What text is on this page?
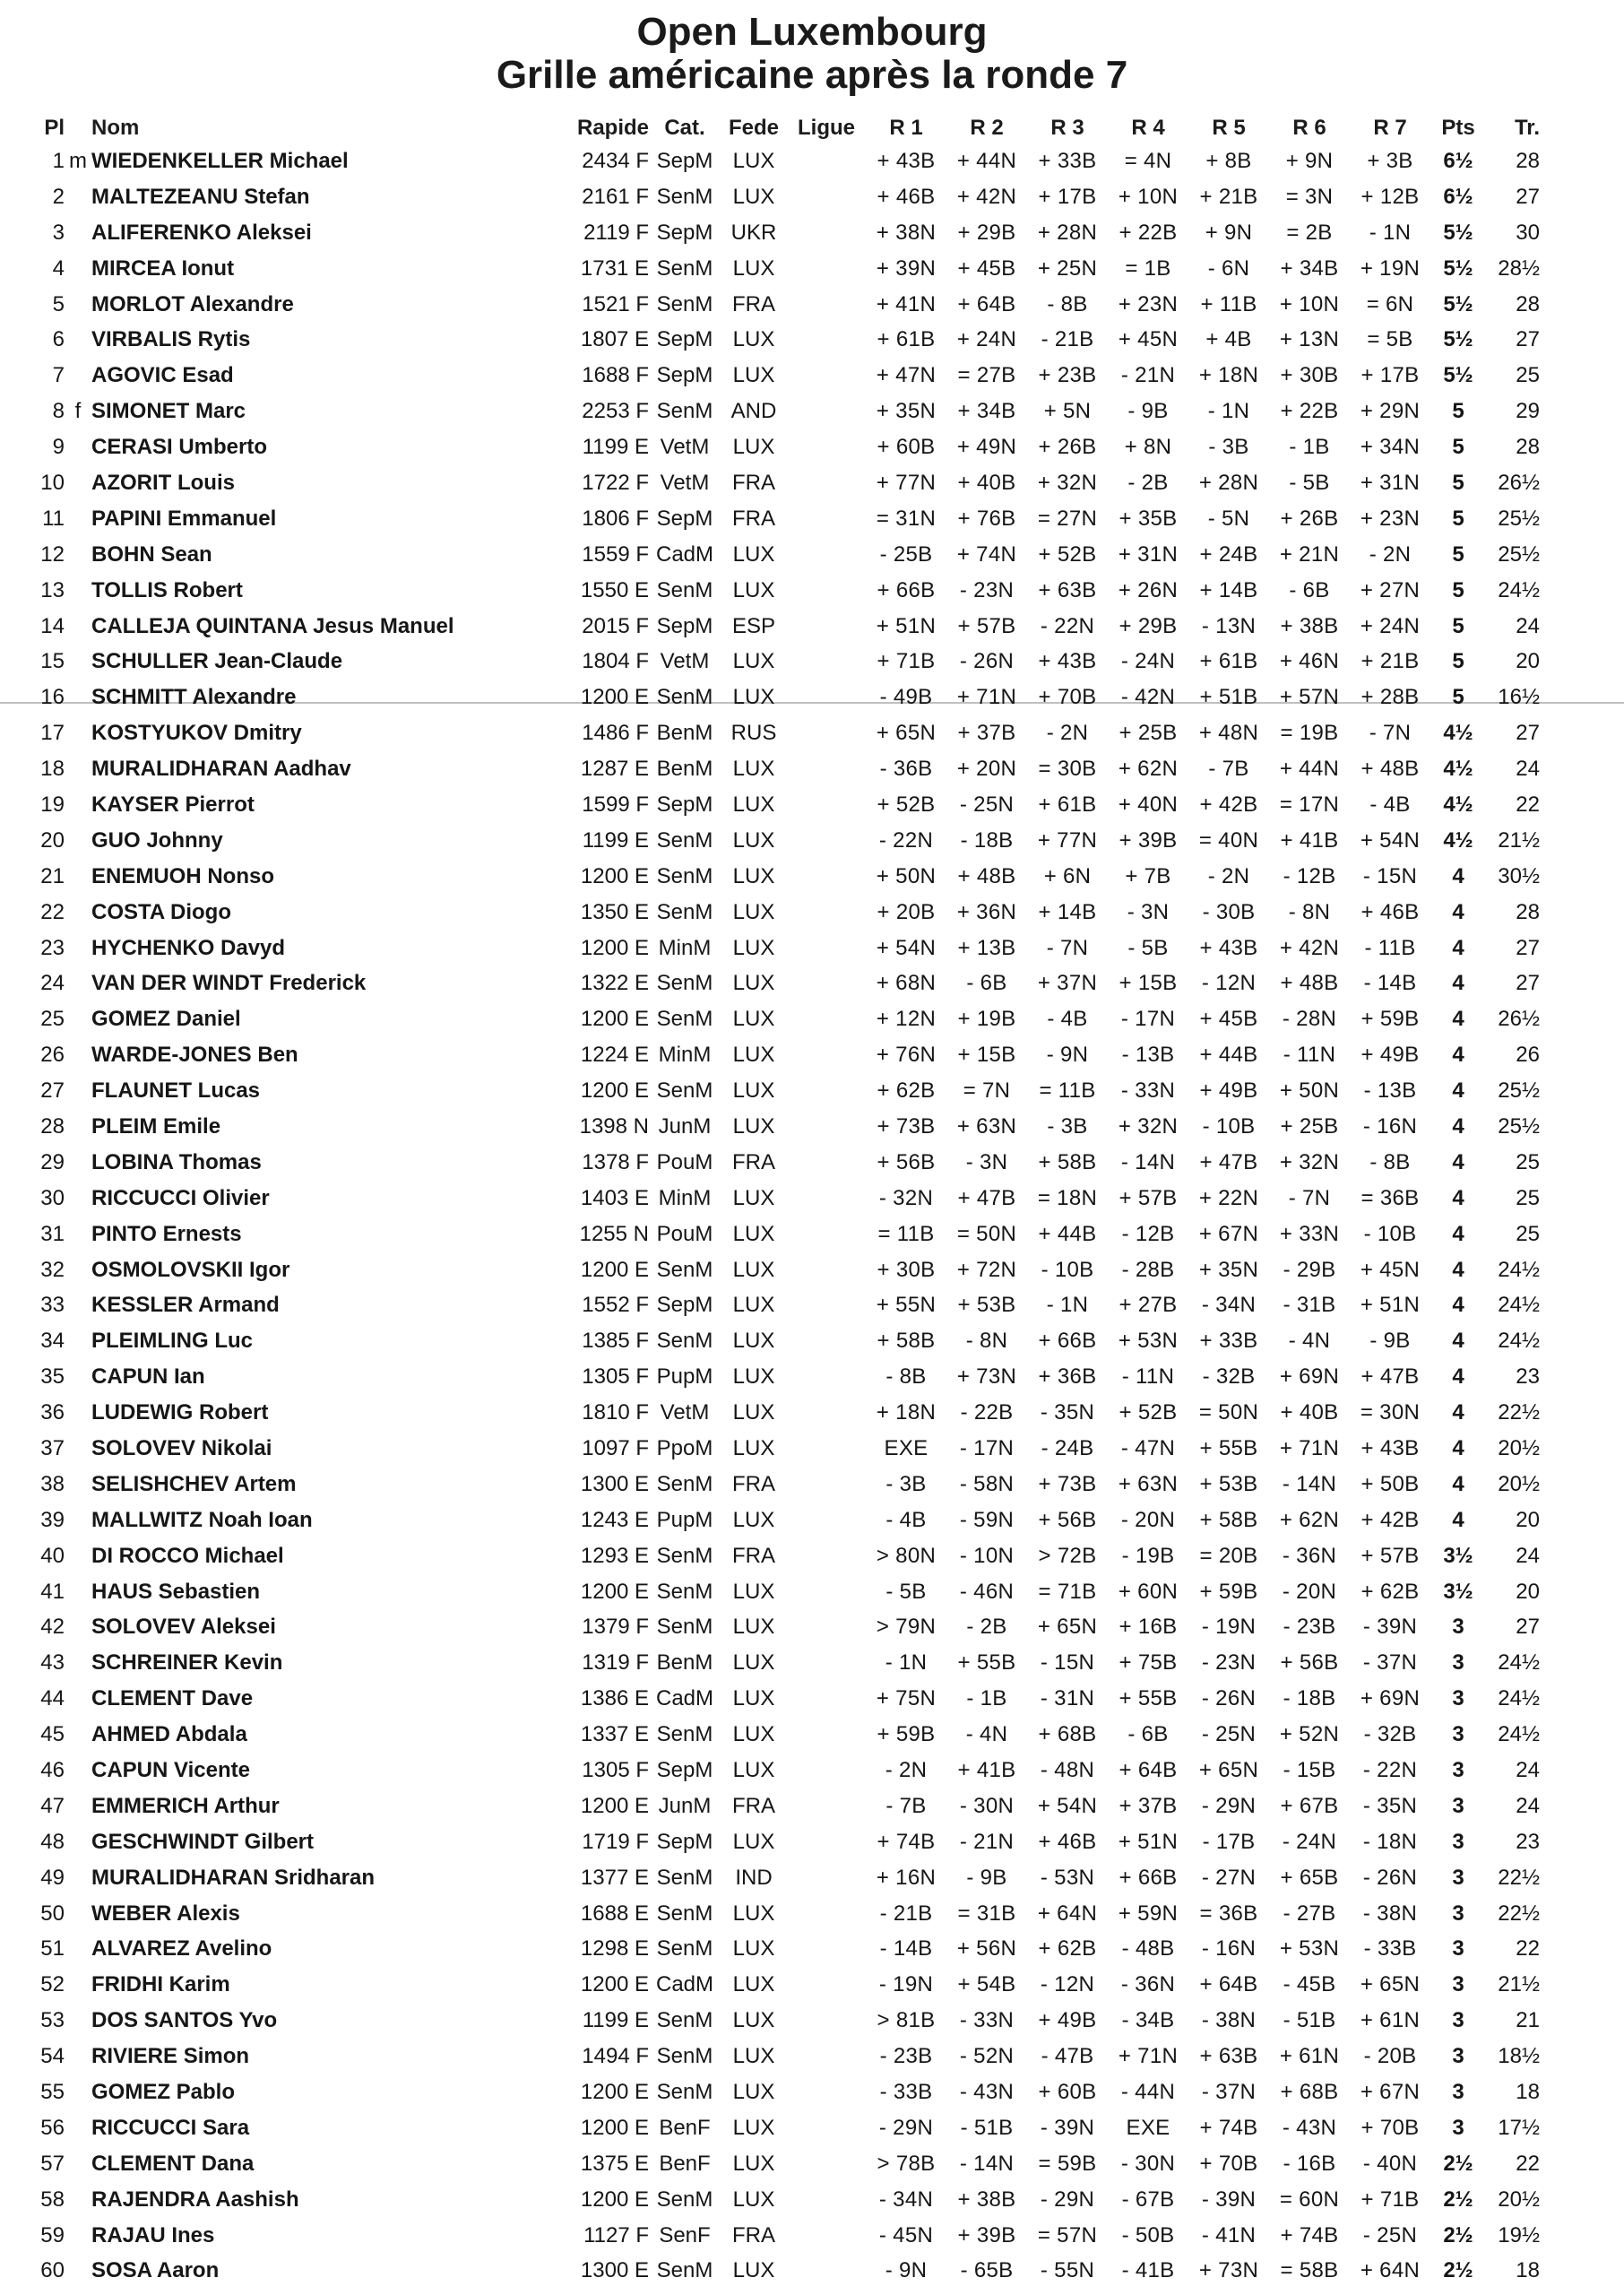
Open Luxembourg
Grille américaine après la ronde 7
Pl		Nom	Rapide	Cat.	Fede	Ligue	R 1	R 2	R 3	R 4	R 5	R 6	R 7	Pts	Tr.
1	m	WIEDENKELLER Michael	2434 F	SepM	LUX		+ 43B	+ 44N	+ 33B	= 4N	+ 8B	+ 9N	+ 3B	6½	28
2		MALTEZEANU Stefan	2161 F	SenM	LUX		+ 46B	+ 42N	+ 17B	+ 10N	+ 21B	= 3N	+ 12B	6½	27
3		ALIFERENKO Aleksei	2119 F	SepM	UKR		+ 38N	+ 29B	+ 28N	+ 22B	+ 9N	= 2B	- 1N	5½	30
4		MIRCEA Ionut	1731 E	SenM	LUX		+ 39N	+ 45B	+ 25N	= 1B	- 6N	+ 34B	+ 19N	5½	28½
5		MORLOT Alexandre	1521 F	SenM	FRA		+ 41N	+ 64B	- 8B	+ 23N	+ 11B	+ 10N	= 6N	5½	28
6		VIRBALIS Rytis	1807 E	SepM	LUX		+ 61B	+ 24N	- 21B	+ 45N	+ 4B	+ 13N	= 5B	5½	27
7		AGOVIC Esad	1688 F	SepM	LUX		+ 47N	= 27B	+ 23B	- 21N	+ 18N	+ 30B	+ 17B	5½	25
8	f	SIMONET Marc	2253 F	SenM	AND		+ 35N	+ 34B	+ 5N	- 9B	- 1N	+ 22B	+ 29N	5	29
9		CERASI Umberto	1199 E	VetM	LUX		+ 60B	+ 49N	+ 26B	+ 8N	- 3B	- 1B	+ 34N	5	28
10		AZORIT Louis	1722 F	VetM	FRA		+ 77N	+ 40B	+ 32N	- 2B	+ 28N	- 5B	+ 31N	5	26½
11		PAPINI Emmanuel	1806 F	SepM	FRA		= 31N	+ 76B	= 27N	+ 35B	- 5N	+ 26B	+ 23N	5	25½
12		BOHN Sean	1559 F	CadM	LUX		- 25B	+ 74N	+ 52B	+ 31N	+ 24B	+ 21N	- 2N	5	25½
13		TOLLIS Robert	1550 E	SenM	LUX		+ 66B	- 23N	+ 63B	+ 26N	+ 14B	- 6B	+ 27N	5	24½
14		CALLEJA QUINTANA Jesus Manuel	2015 F	SepM	ESP		+ 51N	+ 57B	- 22N	+ 29B	- 13N	+ 38B	+ 24N	5	24
15		SCHULLER Jean-Claude	1804 F	VetM	LUX		+ 71B	- 26N	+ 43B	- 24N	+ 61B	+ 46N	+ 21B	5	20
16		SCHMITT Alexandre	1200 E	SenM	LUX		- 49B	+ 71N	+ 70B	- 42N	+ 51B	+ 57N	+ 28B	5	16½
17		KOSTYUKOV Dmitry	1486 F	BenM	RUS		+ 65N	+ 37B	- 2N	+ 25B	+ 48N	= 19B	- 7N	4½	27
18		MURALIDHARAN Aadhav	1287 E	BenM	LUX		- 36B	+ 20N	= 30B	+ 62N	- 7B	+ 44N	+ 48B	4½	24
19		KAYSER Pierrot	1599 F	SepM	LUX		+ 52B	- 25N	+ 61B	+ 40N	+ 42B	= 17N	- 4B	4½	22
20		GUO Johnny	1199 E	SenM	LUX		- 22N	- 18B	+ 77N	+ 39B	= 40N	+ 41B	+ 54N	4½	21½
21		ENEMUOH Nonso	1200 E	SenM	LUX		+ 50N	+ 48B	+ 6N	+ 7B	- 2N	- 12B	- 15N	4	30½
22		COSTA Diogo	1350 E	SenM	LUX		+ 20B	+ 36N	+ 14B	- 3N	- 30B	- 8N	+ 46B	4	28
23		HYCHENKO Davyd	1200 E	MinM	LUX		+ 54N	+ 13B	- 7N	- 5B	+ 43B	+ 42N	- 11B	4	27
24		VAN DER WINDT Frederick	1322 E	SenM	LUX		+ 68N	- 6B	+ 37N	+ 15B	- 12N	+ 48B	- 14B	4	27
25		GOMEZ Daniel	1200 E	SenM	LUX		+ 12N	+ 19B	- 4B	- 17N	+ 45B	- 28N	+ 59B	4	26½
26		WARDE-JONES Ben	1224 E	MinM	LUX		+ 76N	+ 15B	- 9N	- 13B	+ 44B	- 11N	+ 49B	4	26
27		FLAUNET Lucas	1200 E	SenM	LUX		+ 62B	= 7N	= 11B	- 33N	+ 49B	+ 50N	- 13B	4	25½
28		PLEIM Emile	1398 N	JunM	LUX		+ 73B	+ 63N	- 3B	+ 32N	- 10B	+ 25B	- 16N	4	25½
29		LOBINA Thomas	1378 F	PouM	FRA		+ 56B	- 3N	+ 58B	- 14N	+ 47B	+ 32N	- 8B	4	25
30		RICCUCCI Olivier	1403 E	MinM	LUX		- 32N	+ 47B	= 18N	+ 57B	+ 22N	- 7N	= 36B	4	25
31		PINTO Ernests	1255 N	PouM	LUX		= 11B	= 50N	+ 44B	- 12B	+ 67N	+ 33N	- 10B	4	25
32		OSMOLOVSKII Igor	1200 E	SenM	LUX		+ 30B	+ 72N	- 10B	- 28B	+ 35N	- 29B	+ 45N	4	24½
33		KESSLER Armand	1552 F	SepM	LUX		+ 55N	+ 53B	- 1N	+ 27B	- 34N	- 31B	+ 51N	4	24½
34		PLEIMLING Luc	1385 F	SenM	LUX		+ 58B	- 8N	+ 66B	+ 53N	+ 33B	- 4N	- 9B	4	24½
35		CAPUN Ian	1305 F	PupM	LUX		- 8B	+ 73N	+ 36B	- 11N	- 32B	+ 69N	+ 47B	4	23
36		LUDEWIG Robert	1810 F	VetM	LUX		+ 18N	- 22B	- 35N	+ 52B	= 50N	+ 40B	= 30N	4	22½
37		SOLOVEV Nikolai	1097 F	PpoM	LUX		EXE	- 17N	- 24B	- 47N	+ 55B	+ 71N	+ 43B	4	20½
38		SELISHCHEV Artem	1300 E	SenM	FRA		- 3B	- 58N	+ 73B	+ 63N	+ 53B	- 14N	+ 50B	4	20½
39		MALLWITZ Noah Ioan	1243 E	PupM	LUX		- 4B	- 59N	+ 56B	- 20N	+ 58B	+ 62N	+ 42B	4	20
40		DI ROCCO Michael	1293 E	SenM	FRA		> 80N	- 10N	> 72B	- 19B	= 20B	- 36N	+ 57B	3½	24
41		HAUS Sebastien	1200 E	SenM	LUX		- 5B	- 46N	= 71B	+ 60N	+ 59B	- 20N	+ 62B	3½	20
42		SOLOVEV Aleksei	1379 F	SenM	LUX		> 79N	- 2B	+ 65N	+ 16B	- 19N	- 23B	- 39N	3	27
43		SCHREINER Kevin	1319 F	BenM	LUX		- 1N	+ 55B	- 15N	+ 75B	- 23N	+ 56B	- 37N	3	24½
44		CLEMENT Dave	1386 E	CadM	LUX		+ 75N	- 1B	- 31N	+ 55B	- 26N	- 18B	+ 69N	3	24½
45		AHMED Abdala	1337 E	SenM	LUX		+ 59B	- 4N	+ 68B	- 6B	- 25N	+ 52N	- 32B	3	24½
46		CAPUN Vicente	1305 F	SepM	LUX		- 2N	+ 41B	- 48N	+ 64B	+ 65N	- 15B	- 22N	3	24
47		EMMERICH Arthur	1200 E	JunM	FRA		- 7B	- 30N	+ 54N	+ 37B	- 29N	+ 67B	- 35N	3	24
48		GESCHWINDT Gilbert	1719 F	SepM	LUX		+ 74B	- 21N	+ 46B	+ 51N	- 17B	- 24N	- 18N	3	23
49		MURALIDHARAN Sridharan	1377 E	SenM	IND		+ 16N	- 9B	- 53N	+ 66B	- 27N	+ 65B	- 26N	3	22½
50		WEBER Alexis	1688 E	SenM	LUX		- 21B	= 31B	+ 64N	+ 59N	= 36B	- 27B	- 38N	3	22½
51		ALVAREZ Avelino	1298 E	SenM	LUX		- 14B	+ 56N	+ 62B	- 48B	- 16N	+ 53N	- 33B	3	22
52		FRIDHI Karim	1200 E	CadM	LUX		- 19N	+ 54B	- 12N	- 36N	+ 64B	- 45B	+ 65N	3	21½
53		DOS SANTOS Yvo	1199 E	SenM	LUX		> 81B	- 33N	+ 49B	- 34B	- 38N	- 51B	+ 61N	3	21
54		RIVIERE Simon	1494 F	SenM	LUX		- 23B	- 52N	- 47B	+ 71N	+ 63B	+ 61N	- 20B	3	18½
55		GOMEZ Pablo	1200 E	SenM	LUX		- 33B	- 43N	+ 60B	- 44N	- 37N	+ 68B	+ 67N	3	18
56		RICCUCCI Sara	1200 E	BenF	LUX		- 29N	- 51B	- 39N	EXE	+ 74B	- 43N	+ 70B	3	17½
57		CLEMENT Dana	1375 E	BenF	LUX		> 78B	- 14N	= 59B	- 30N	+ 70B	- 16B	- 40N	2½	22
58		RAJENDRA Aashish	1200 E	SenM	LUX		- 34N	+ 38B	- 29N	- 67B	- 39N	= 60N	+ 71B	2½	20½
59		RAJAU Ines	1127 F	SenF	FRA		- 45N	+ 39B	= 57N	- 50B	- 41N	+ 74B	- 25N	2½	19½
60		SOSA Aaron	1300 E	SenM	LUX		- 9N	- 65B	- 55N	- 41B	+ 73N	= 58B	+ 64N	2½	18
